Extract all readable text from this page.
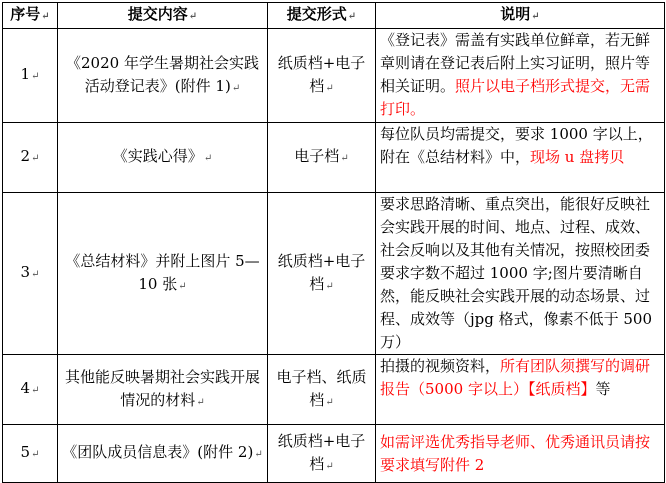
序号↵	提交内容↵	提交形式↵	说明↵
1↵	《2020 年学生暑期社会实践活动登记表》(附件 1)↵	纸质档+电子档↵	《登记表》需盖有实践单位鲜章，若无鲜章则请在登记表后附上实习证明，照片等相关证明。照片以电子档形式提交，无需打印。
2↵	《实践心得》↵	电子档↵	每位队员均需提交，要求 1000 字以上，附在《总结材料》中，现场 u 盘拷贝
3↵	《总结材料》并附上图片 5—10 张↵	纸质档+电子档↵	要求思路清晰、重点突出，能很好反映社会实践开展的时间、地点、过程、成效、社会反响以及其他有关情况，按照校团委要求字数不超过 1000 字;图片要清晰自然，能反映社会实践开展的动态场景、过程、成效等（jpg 格式，像素不低于 500 万）
4↵	其他能反映暑期社会实践开展情况的材料↵	电子档、纸质档↵	拍摄的视频资料，所有团队须撰写的调研报告（5000 字以上）【纸质档】等
5↵	《团队成员信息表》(附件 2)↵	纸质档+电子档↵	如需评选优秀指导老师、优秀通讯员请按要求填写附件 2
